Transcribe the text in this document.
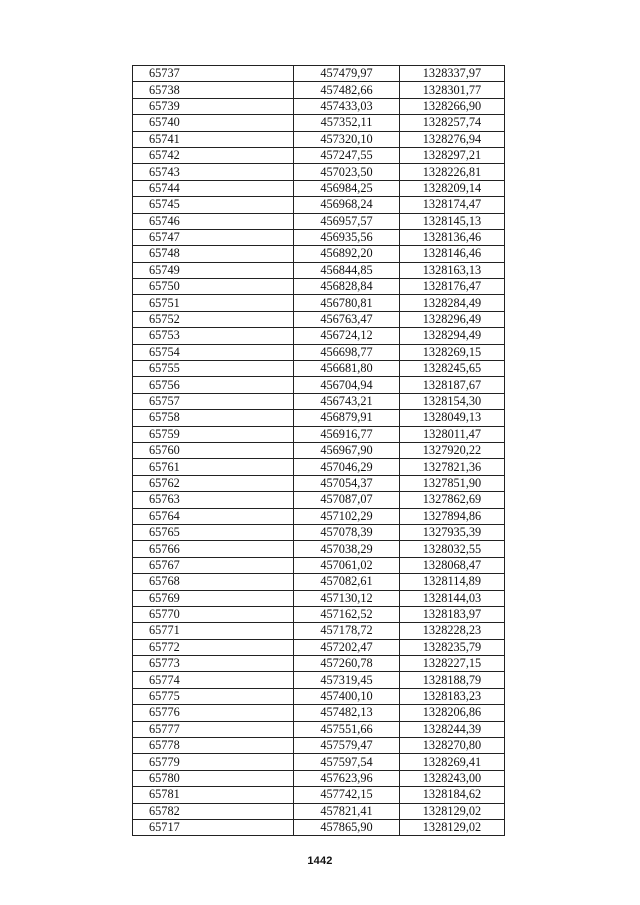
65737	457479,97	1328337,97
65738	457482,66	1328301,77
65739	457433,03	1328266,90
65740	457352,11	1328257,74
65741	457320,10	1328276,94
65742	457247,55	1328297,21
65743	457023,50	1328226,81
65744	456984,25	1328209,14
65745	456968,24	1328174,47
65746	456957,57	1328145,13
65747	456935,56	1328136,46
65748	456892,20	1328146,46
65749	456844,85	1328163,13
65750	456828,84	1328176,47
65751	456780,81	1328284,49
65752	456763,47	1328296,49
65753	456724,12	1328294,49
65754	456698,77	1328269,15
65755	456681,80	1328245,65
65756	456704,94	1328187,67
65757	456743,21	1328154,30
65758	456879,91	1328049,13
65759	456916,77	1328011,47
65760	456967,90	1327920,22
65761	457046,29	1327821,36
65762	457054,37	1327851,90
65763	457087,07	1327862,69
65764	457102,29	1327894,86
65765	457078,39	1327935,39
65766	457038,29	1328032,55
65767	457061,02	1328068,47
65768	457082,61	1328114,89
65769	457130,12	1328144,03
65770	457162,52	1328183,97
65771	457178,72	1328228,23
65772	457202,47	1328235,79
65773	457260,78	1328227,15
65774	457319,45	1328188,79
65775	457400,10	1328183,23
65776	457482,13	1328206,86
65777	457551,66	1328244,39
65778	457579,47	1328270,80
65779	457597,54	1328269,41
65780	457623,96	1328243,00
65781	457742,15	1328184,62
65782	457821,41	1328129,02
65717	457865,90	1328129,02
1442
